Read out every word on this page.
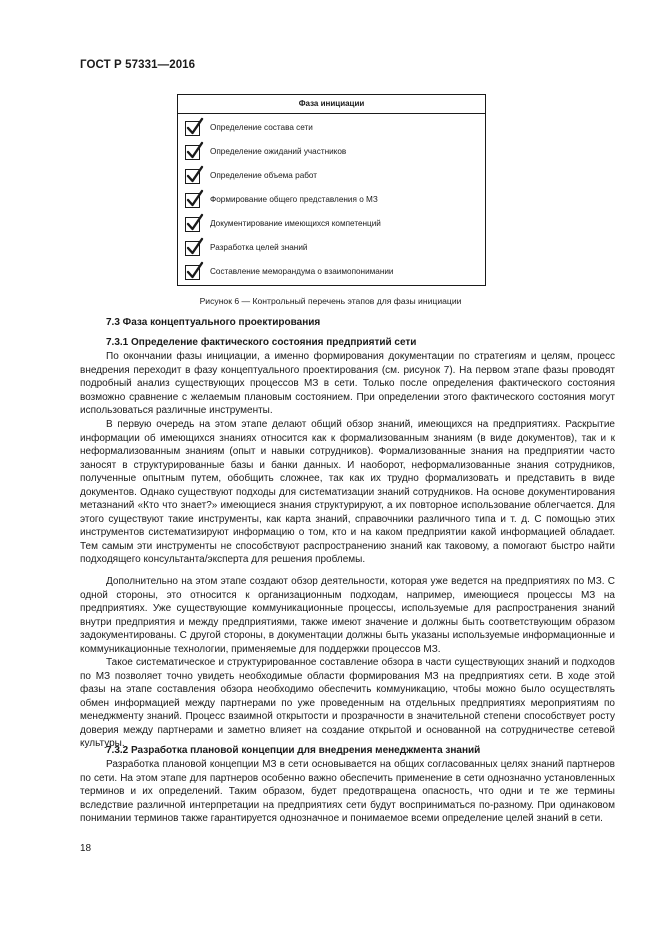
ГОСТ Р 57331—2016
Фаза инициации
Определение состава сети
Определение ожиданий участников
Определение объема работ
Формирование общего представления о МЗ
Документирование имеющихся компетенций
Разработка целей знаний
Составление меморандума о взаимопонимании
Рисунок 6 — Контрольный перечень этапов для фазы инициации
7.3 Фаза концептуального проектирования
7.3.1 Определение фактического состояния предприятий сети

По окончании фазы инициации, а именно формирования документации по стратегиям и целям, процесс внедрения переходит в фазу концептуального проектирования (см. рисунок 7). На первом этапе фазы проводят подробный анализ существующих процессов МЗ в сети. Только после определения фактического состояния возможно сравнение с желаемым плановым состоянием. При определении этого фактического состояния могут использоваться различные инструменты.

В первую очередь на этом этапе делают общий обзор знаний, имеющихся на предприятиях. Раскрытие информации об имеющихся знаниях относится как к формализованным знаниям (в виде документов), так и к неформализованным знаниям (опыт и навыки сотрудников). Формализованные знания на предприятии часто заносят в структурированные базы и банки данных. И наоборот, неформализованные знания сотрудников, полученные опытным путем, обобщить сложнее, так как их трудно формализовать и представить в виде документов. Однако существуют подходы для систематизации знаний сотрудников. На основе документирования метазнаний «Кто что знает?» имеющиеся знания структурируют, а их повторное использование облегчается. Для этого существуют такие инструменты, как карта знаний, справочники различного типа и т. д. С помощью этих инструментов систематизируют информацию о том, кто и на каком предприятии какой информацией обладает. Тем самым эти инструменты не способствуют распространению знаний как таковому, а помогают быстро найти подходящего консультанта/эксперта для решения проблемы.

Дополнительно на этом этапе создают обзор деятельности, которая уже ведется на предприятиях по МЗ. С одной стороны, это относится к организационным подходам, например, имеющиеся процессы МЗ на предприятиях. Уже существующие коммуникационные процессы, используемые для распространения знаний внутри предприятия и между предприятиями, также имеют значение и должны быть соответствующим образом задокументированы. С другой стороны, в документации должны быть указаны используемые информационные и коммуникационные технологии, применяемые для поддержки процессов МЗ.

Такое систематическое и структурированное составление обзора в части существующих знаний и подходов по МЗ позволяет точно увидеть необходимые области формирования МЗ на предприятиях сети. В ходе этой фазы на этапе составления обзора необходимо обеспечить коммуникацию, чтобы можно было осуществлять обмен информацией между партнерами по уже проведенным на отдельных предприятиях мероприятиям по менеджменту знаний. Процесс взаимной открытости и прозрачности в значительной степени способствует росту доверия между партнерами и заметно влияет на создание открытой и основанной на сотрудничестве сетевой культуры.

7.3.2 Разработка плановой концепции для внедрения менеджмента знаний

Разработка плановой концепции МЗ в сети основывается на общих согласованных целях знаний партнеров по сети. На этом этапе для партнеров особенно важно обеспечить применение в сети однозначно установленных терминов и их определений. Таким образом, будет предотвращена опасность, что одни и те же термины вследствие различной интерпретации на предприятиях сети будут восприниматься по-разному. При одинаковом понимании терминов также гарантируется однозначное и понимаемое всеми определение целей знаний в сети.

18
